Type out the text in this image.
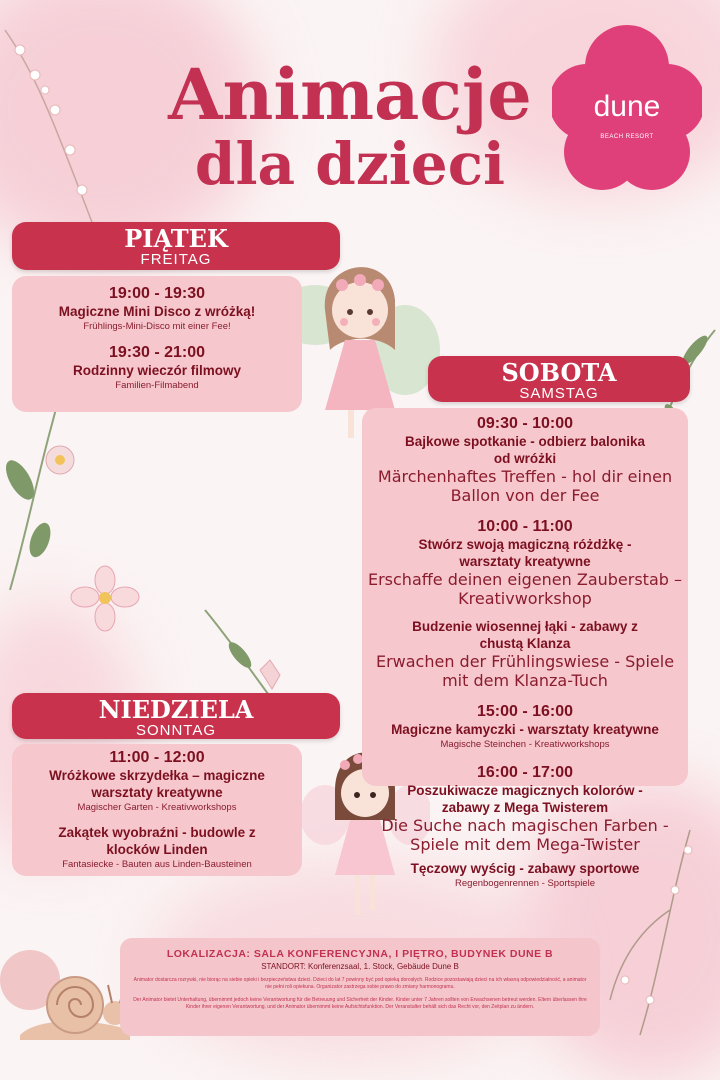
Animacje
dla dzieci
dune
BEACH RESORT
PIĄTEK
FREITAG
19:00 - 19:30
Magiczne Mini Disco z wróżką!
Frühlings-Mini-Disco mit einer Fee!
19:30 - 21:00
Rodzinny wieczór filmowy
Familien-Filmabend	SOBOTA
SAMSTAG
09:30 - 10:00
Bajkowe spotkanie - odbierz balonika od wróżki
Märchenhaftes Treffen - hol dir einen Ballon von der Fee
10:00 - 11:00
Stwórz swoją magiczną różdżkę - warsztaty kreatywne
Erschaffe deinen eigenen Zauberstab – Kreativworkshop
Budzenie wiosennej łąki - zabawy z chustą Klanza
Erwachen der Frühlingswiese - Spiele mit dem Klanza-Tuch
15:00 - 16:00
Magiczne kamyczki - warsztaty kreatywne
Magische Steinchen - Kreativworkshops
16:00 - 17:00
Poszukiwacze magicznych kolorów - zabawy z Mega Twisterem
Die Suche nach magischen Farben - Spiele mit dem Mega-Twister
Tęczowy wyścig - zabawy sportowe
Regenbogenrennen - Sportspiele
NIEDZIELA
SONNTAG
11:00 - 12:00
Wróżkowe skrzydełka – magiczne warsztaty kreatywne
Magischer Garten - Kreativworkshops
Zakątek wyobraźni - budowle z klocków Linden
Fantasiecke - Bauten aus Linden-Bausteinen
LOKALIZACJA: SALA KONFERENCYJNA, I PIĘTRO, BUDYNEK DUNE B
STANDORT: Konferenzsaal, 1. Stock, Gebäude Dune B
Animator dostarcza rozrywki, nie biorąc na siebie opieki i bezpieczeństwa dzieci. Dzieci do lat 7 powinny być pod opieką dorosłych. Rodzice pozostawiają dzieci na ich własną odpowiedzialność, a animator nie pełni roli opiekuna. Organizator zastrzega sobie prawo do zmiany harmonogramu.
Der Animator bietet Unterhaltung, übernimmt jedoch keine Verantwortung für die Betreuung und Sicherheit der Kinder. Kinder unter 7 Jahren sollten von Erwachsenen betreut werden. Eltern überlassen ihre Kinder ihrer eigenen Verantwortung, und der Animator übernimmt keine Aufsichtsfunktion. Der Veranstalter behält sich das Recht vor, den Zeitplan zu ändern.
